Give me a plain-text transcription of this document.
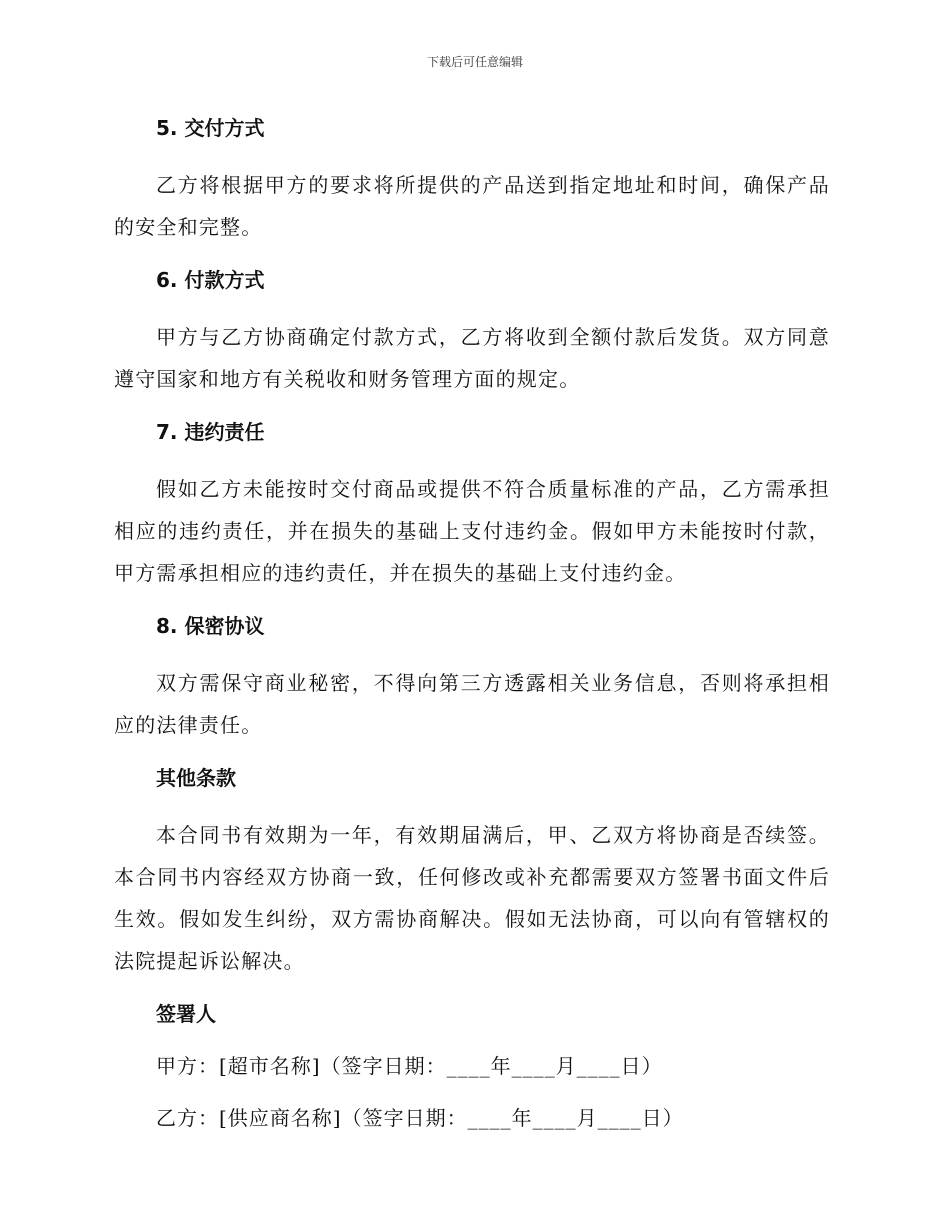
下载后可任意编辑
5. 交付方式

乙方将根据甲方的要求将所提供的产品送到指定地址和时间，确保产品的安全和完整。

6. 付款方式

甲方与乙方协商确定付款方式，乙方将收到全额付款后发货。双方同意遵守国家和地方有关税收和财务管理方面的规定。

7. 违约责任

假如乙方未能按时交付商品或提供不符合质量标准的产品，乙方需承担相应的违约责任，并在损失的基础上支付违约金。假如甲方未能按时付款，甲方需承担相应的违约责任，并在损失的基础上支付违约金。

8. 保密协议

双方需保守商业秘密，不得向第三方透露相关业务信息，否则将承担相应的法律责任。

其他条款

本合同书有效期为一年，有效期届满后，甲、乙双方将协商是否续签。本合同书内容经双方协商一致，任何修改或补充都需要双方签署书面文件后生效。假如发生纠纷，双方需协商解决。假如无法协商，可以向有管辖权的法院提起诉讼解决。

签署人

甲方：[超市名称]（签字日期：____年____月____日）

乙方：[供应商名称]（签字日期：____年____月____日）
